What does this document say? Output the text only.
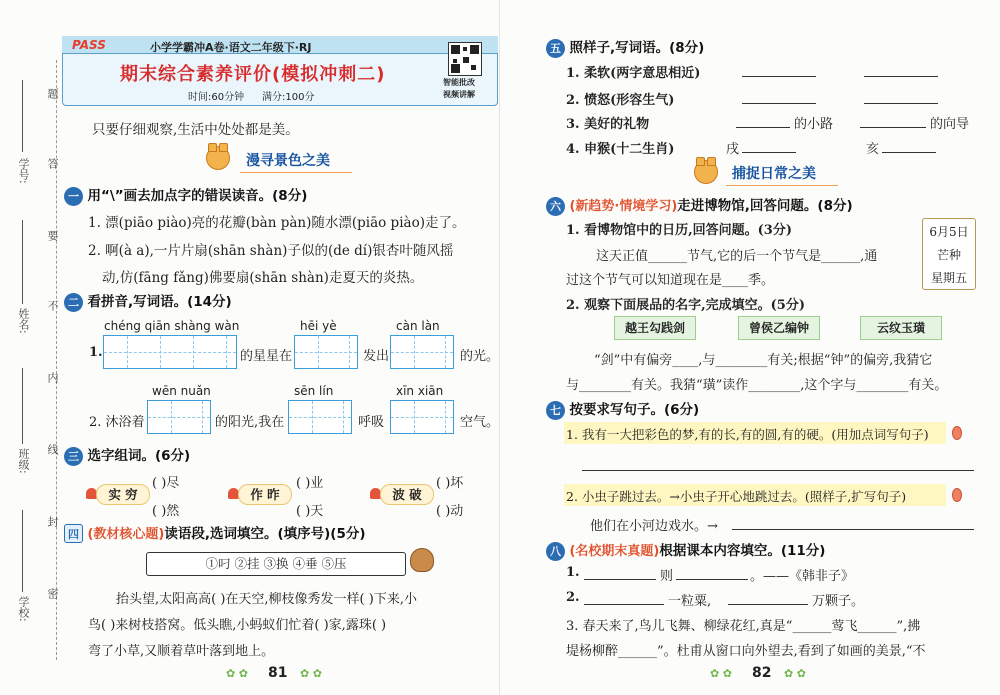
题
答
要
不
内
线
封
密
学号:
姓名:
班级:
学校:
PASS	小学学霸冲A卷·语文二年级下·RJ
期末综合素养评价(模拟冲刺二)
时间:60分钟 满分:100分
智能批改
视频讲解
只要仔细观察,生活中处处都是美。
漫寻景色之美
一 用“\”画去加点字的错误读音。(8分)
1. 漂(piāo piào)亮的花瓣(bàn pàn)随水漂(piāo piào)走了。
2. 啊(à a),一片片扇(shān shàn)子似的(de dí)银杏叶随风摇
动,仿(fāng fǎng)佛要扇(shān shàn)走夏天的炎热。
二 看拼音,写词语。(14分)
chéng qiān shàng wàn	hēi yè	càn làn
1.	的星星在	发出	的光。
wēn nuǎn	sēn lín	xīn xiān
2. 沐浴着	的阳光,我在	呼吸	空气。
三 选字组词。(6分)
( )尽
( )然
( )业
( )天
( )坏
( )动
实 穷	作 昨	波 破
四 (教材核心题)读语段,选词填空。(填序号)(5分)
①叼 ②挂 ③换 ④垂 ⑤压
抬头望,太阳高高( )在天空,柳枝像秀发一样( )下来,小
鸟( )来树枝搭窝。低头瞧,小蚂蚁们忙着( )家,露珠( )
弯了小草,又顺着草叶落到地上。
✿ ✿ 81 ✿ ✿
五 照样子,写词语。(8分)
1. 柔软(两字意思相近)
2. 愤怒(形容生气)
3. 美好的礼物	的小路	的向导
4. 申猴(十二生肖)	戌	亥
捕捉日常之美
六 (新趋势·情境学习)走进博物馆,回答问题。(8分)
1. 看博物馆中的日历,回答问题。(3分)
这天正值______节气,它的后一个节气是______,通
过这个节气可以知道现在是____季。
6月5日
芒种
星期五
2. 观察下面展品的名字,完成填空。(5分)
越王勾践剑	曾侯乙编钟	云纹玉璜
“剑”中有偏旁____,与________有关;根据“钟”的偏旁,我猜它
与________有关。我猜“璜”读作________,这个字与________有关。
七 按要求写句子。(6分)
1. 我有一大把彩色的梦,有的长,有的圆,有的硬。(用加点词写句子)
2. 小虫子跳过去。→小虫子开心地跳过去。(照样子,扩写句子)
他们在小河边戏水。→
八 (名校期末真题)根据课本内容填空。(11分)
1.	则	。——《韩非子》
2.	一粒粟,	万颗子。
3. 春天来了,鸟儿飞舞、柳绿花红,真是“______莺飞______”,拂
堤杨柳醉______”。杜甫从窗口向外望去,看到了如画的美景,“不
✿ ✿ 82 ✿ ✿
